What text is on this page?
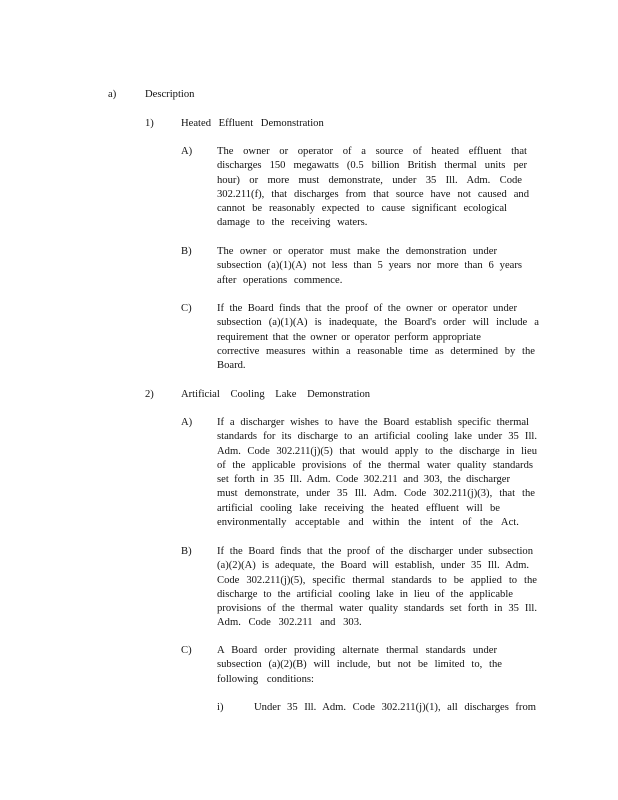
a)	Description
1)	Heated Effluent Demonstration
A) The owner or operator of a source of heated effluent that
discharges 150 megawatts (0.5 billion British thermal units per
hour) or more must demonstrate, under 35 Ill. Adm. Code
302.211(f), that discharges from that source have not caused and
cannot be reasonably expected to cause significant ecological
damage to the receiving waters.
B) The owner or operator must make the demonstration under
subsection (a)(1)(A) not less than 5 years nor more than 6 years
after operations commence.
C) If the Board finds that the proof of the owner or operator under
subsection (a)(1)(A) is inadequate, the Board's order will include a
requirement that the owner or operator perform appropriate
corrective measures within a reasonable time as determined by the
Board.
2)	Artificial Cooling Lake Demonstration
A) If a discharger wishes to have the Board establish specific thermal
standards for its discharge to an artificial cooling lake under 35 Ill.
Adm. Code 302.211(j)(5) that would apply to the discharge in lieu
of the applicable provisions of the thermal water quality standards
set forth in 35 Ill. Adm. Code 302.211 and 303, the discharger
must demonstrate, under 35 Ill. Adm. Code 302.211(j)(3), that the
artificial cooling lake receiving the heated effluent will be
environmentally acceptable and within the intent of the Act.
B) If the Board finds that the proof of the discharger under subsection
(a)(2)(A) is adequate, the Board will establish, under 35 Ill. Adm.
Code 302.211(j)(5), specific thermal standards to be applied to the
discharge to the artificial cooling lake in lieu of the applicable
provisions of the thermal water quality standards set forth in 35 Ill.
Adm. Code 302.211 and 303.
C) A Board order providing alternate thermal standards under
subsection (a)(2)(B) will include, but not be limited to, the
following conditions:
i)	Under 35 Ill. Adm. Code 302.211(j)(1), all discharges from
